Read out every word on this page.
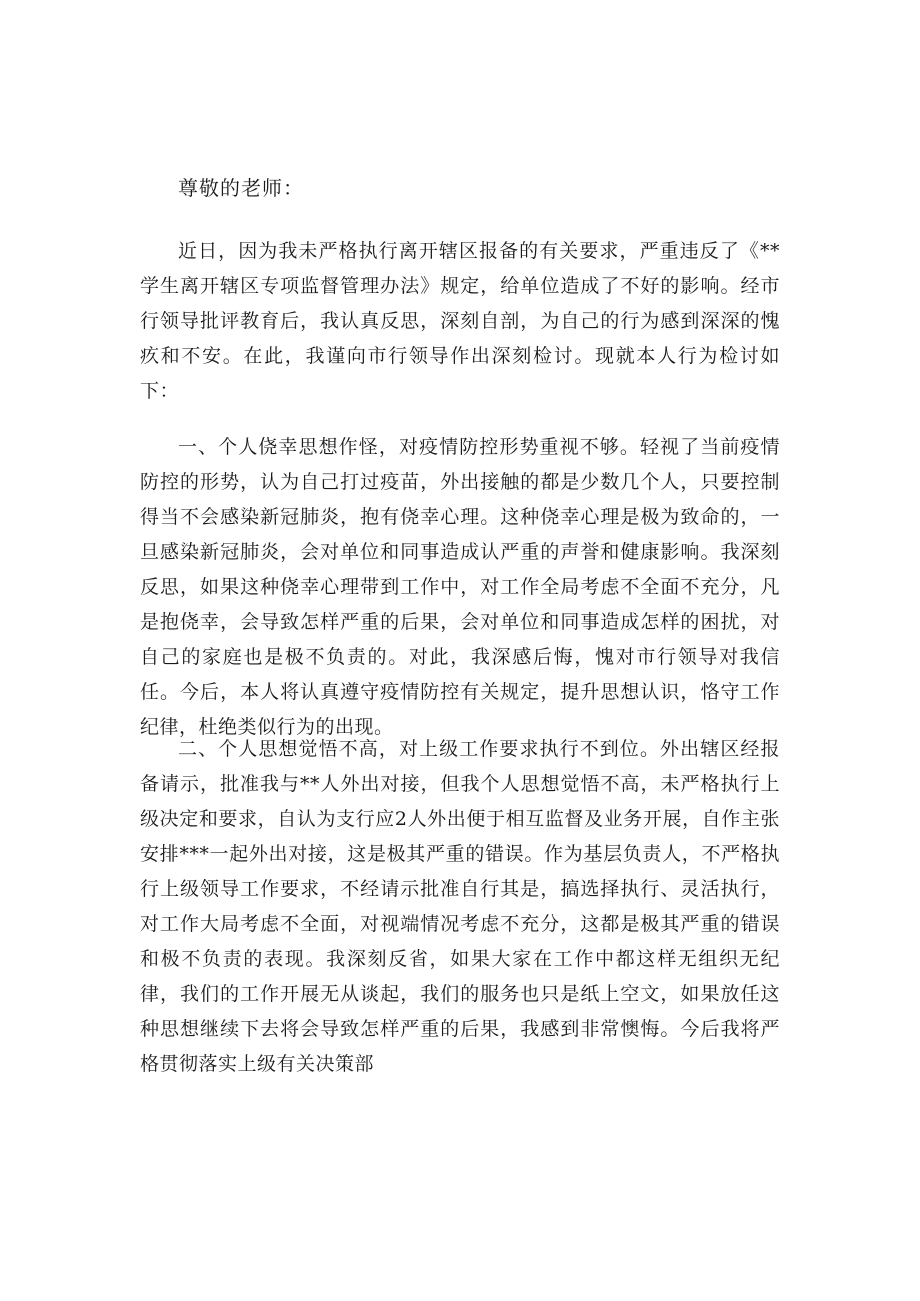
尊敬的老师：

近日，因为我未严格执行离开辖区报备的有关要求，严重违反了《**学生离开辖区专项监督管理办法》规定，给单位造成了不好的影响。经市行领导批评教育后，我认真反思，深刻自剖，为自己的行为感到深深的愧疚和不安。在此，我谨向市行领导作出深刻检讨。现就本人行为检讨如下：

一、个人侥幸思想作怪，对疫情防控形势重视不够。轻视了当前疫情防控的形势，认为自己打过疫苗，外出接触的都是少数几个人，只要控制得当不会感染新冠肺炎，抱有侥幸心理。这种侥幸心理是极为致命的，一旦感染新冠肺炎，会对单位和同事造成认严重的声誉和健康影响。我深刻反思，如果这种侥幸心理带到工作中，对工作全局考虑不全面不充分，凡是抱侥幸，会导致怎样严重的后果，会对单位和同事造成怎样的困扰，对自己的家庭也是极不负责的。对此，我深感后悔，愧对市行领导对我信任。今后，本人将认真遵守疫情防控有关规定，提升思想认识，恪守工作纪律，杜绝类似行为的出现。

二、个人思想觉悟不高，对上级工作要求执行不到位。外出辖区经报备请示，批准我与**人外出对接，但我个人思想觉悟不高，未严格执行上级决定和要求，自认为支行应2人外出便于相互监督及业务开展，自作主张安排***一起外出对接，这是极其严重的错误。作为基层负责人，不严格执行上级领导工作要求，不经请示批准自行其是，搞选择执行、灵活执行，对工作大局考虑不全面，对视端情况考虑不充分，这都是极其严重的错误和极不负责的表现。我深刻反省，如果大家在工作中都这样无组织无纪律，我们的工作开展无从谈起，我们的服务也只是纸上空文，如果放任这种思想继续下去将会导致怎样严重的后果，我感到非常懊悔。今后我将严格贯彻落实上级有关决策部
